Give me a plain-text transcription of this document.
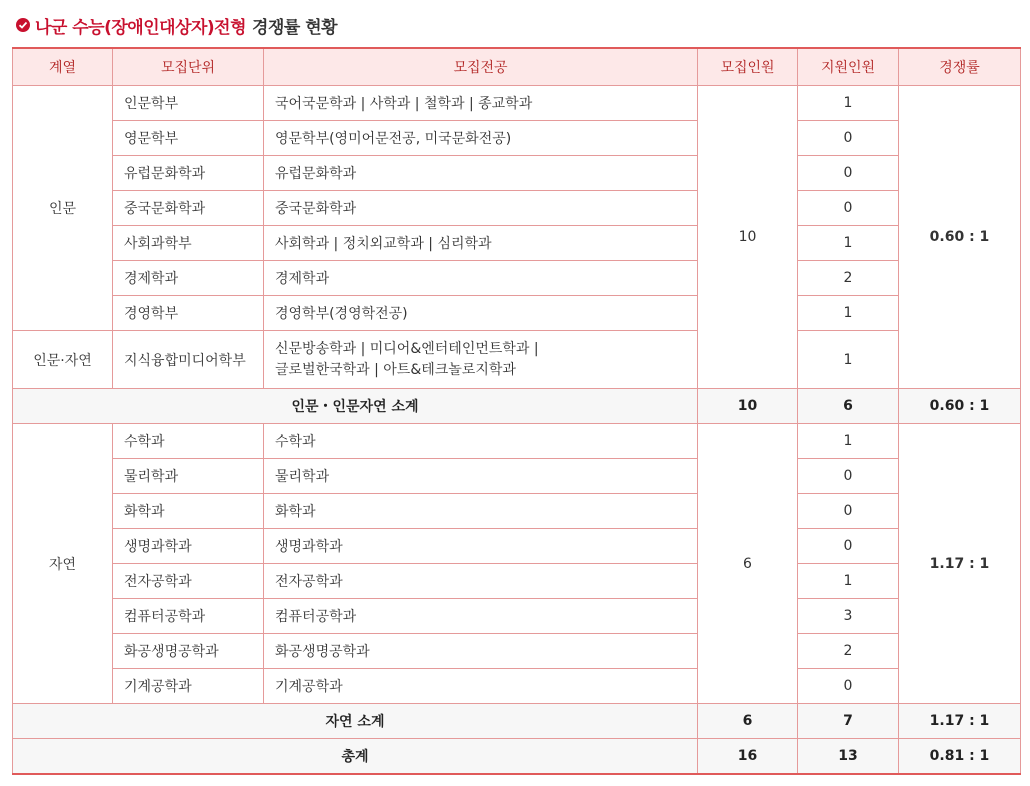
나군 수능(장애인대상자)전형 경쟁률 현황
계열	모집단위	모집전공	모집인원	지원인원	경쟁률
인문	인문학부	국어국문학과 | 사학과 | 철학과 | 종교학과	10	1	0.60 : 1
	영문학부	영문학부(영미어문전공, 미국문화전공)		0	
	유럽문화학과	유럽문화학과		0	
	중국문화학과	중국문화학과		0	
	사회과학부	사회학과 | 정치외교학과 | 심리학과		1	
	경제학과	경제학과		2	
	경영학부	경영학부(경영학전공)		1	
인문·자연	지식융합미디어학부	신문방송학과 | 미디어&엔터테인먼트학과 |
글로벌한국학과 | 아트&테크놀로지학과		1	
인문・인문자연 소계			10	6	0.60 : 1
자연	수학과	수학과	6	1	1.17 : 1
	물리학과	물리학과		0	
	화학과	화학과		0	
	생명과학과	생명과학과		0	
	전자공학과	전자공학과		1	
	컴퓨터공학과	컴퓨터공학과		3	
	화공생명공학과	화공생명공학과		2	
	기계공학과	기계공학과		0	
자연 소계			6	7	1.17 : 1
총계			16	13	0.81 : 1
